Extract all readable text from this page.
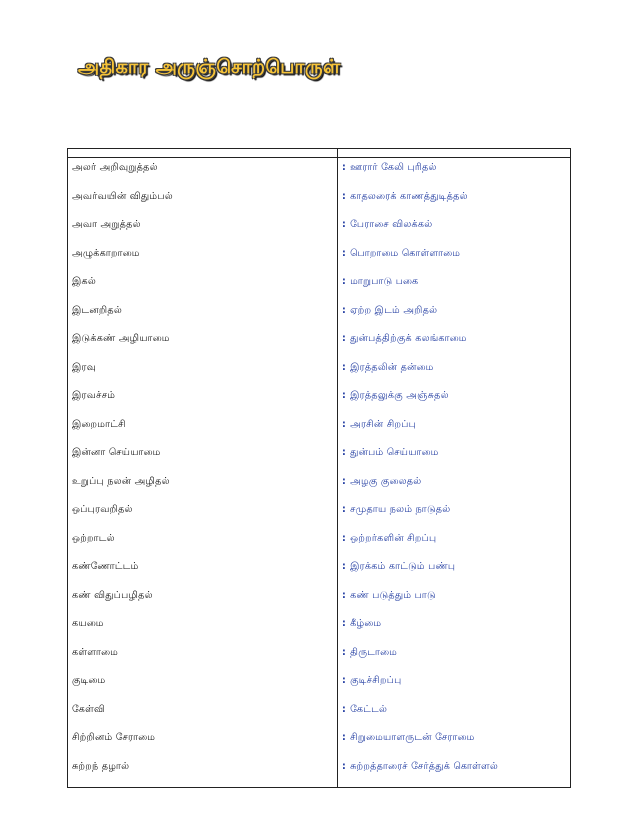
அதிகார அருஞ்சொற்பொருள்
அலர் அறிவுறுத்தல்	: ஊரார் கேலி புரிதல்
அவர்வயின் விதும்பல்	: காதலரைக் காணத்துடித்தல்
அவா அறுத்தல்	: பேராசை விலக்கல்
அழுக்காறாமை	: பொறாமை கொள்ளாமை
இகல்	: மாறுபாடு பகை
இடனறிதல்	: ஏற்ற இடம் அறிதல்
இடுக்கண் அழியாமை	: துன்பத்திற்குக் கலங்காமை
இரவு	: இரத்தலின் தன்மை
இரவச்சம்	: இரத்தலுக்கு அஞ்சுதல்
இறைமாட்சி	: அரசின் சிறப்பு
இன்னா செய்யாமை	: துன்பம் செய்யாமை
உறுப்பு நலன் அழிதல்	: அழகு குலைதல்
ஒப்புரவறிதல்	: சமுதாய நலம் நாடுதல்
ஒற்றாடல்	: ஒற்றர்களின் சிறப்பு
கண்ணோட்டம்	: இரக்கம் காட்டும் பண்பு
கண் விதுப்பழிதல்	: கண் படுத்தும் பாடு
கயமை	: கீழ்மை
கள்ளாமை	: திருடாமை
குடிமை	: குடிச்சிறப்பு
கேள்வி	: கேட்டல்
சிற்றினம் சேராமை	: சிறுமையாளருடன் சேராமை
சுற்றந் தழால்	: சுற்றத்தாரைச் சேர்த்துக் கொள்ளல்
